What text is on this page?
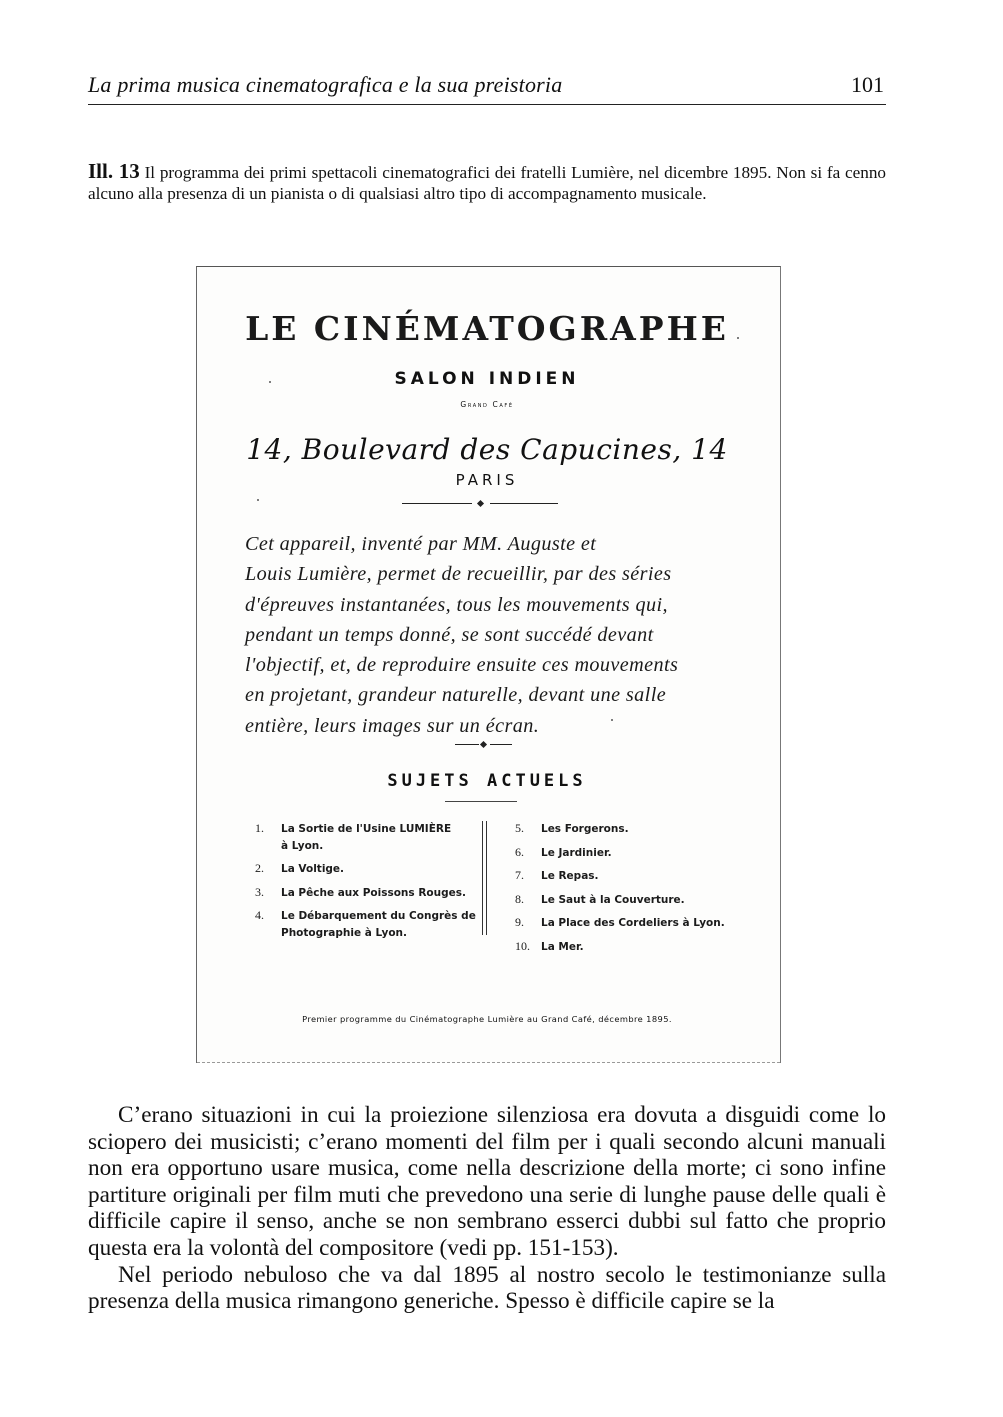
La prima musica cinematografica e la sua preistoria	101
Ill. 13 Il programma dei primi spettacoli cinematografici dei fratelli Lumière, nel dicembre 1895. Non si fa cenno alcuno alla presenza di un pianista o di qualsiasi altro tipo di accompagnamento musicale.
LE CINÉMATOGRAPHE
SALON INDIEN
Grand Café
14, Boulevard des Capucines, 14
PARIS
Cet appareil, inventé par MM. Auguste et
Louis Lumière, permet de recueillir, par des séries
d'épreuves instantanées, tous les mouvements qui,
pendant un temps donné, se sont succédé devant
l'objectif, et, de reproduire ensuite ces mouvements
en projetant, grandeur naturelle, devant une salle
entière, leurs images sur un écran.
SUJETS ACTUELS
1. La Sortie de l'Usine LUMIÈRE
à Lyon.
2. La Voltige.
3. La Pêche aux Poissons Rouges.
4. Le Débarquement du Congrès de
Photographie à Lyon.
5. Les Forgerons.
6. Le Jardinier.
7. Le Repas.
8. Le Saut à la Couverture.
9. La Place des Cordeliers à Lyon.
10. La Mer.
Premier programme du Cinématographe Lumière au Grand Café, décembre 1895.

C’erano situazioni in cui la proiezione silenziosa era dovuta a disguidi come lo sciopero dei musicisti; c’erano momenti del film per i quali secondo alcuni manuali non era opportuno usare musica, come nella descrizione della morte; ci sono infine partiture originali per film muti che prevedono una serie di lunghe pause delle quali è difficile capire il senso, anche se non sembrano esserci dubbi sul fatto che proprio questa era la volontà del compositore (vedi pp. 151-153).

Nel periodo nebuloso che va dal 1895 al nostro secolo le testimonianze sulla presenza della musica rimangono generiche. Spesso è difficile capire se la
